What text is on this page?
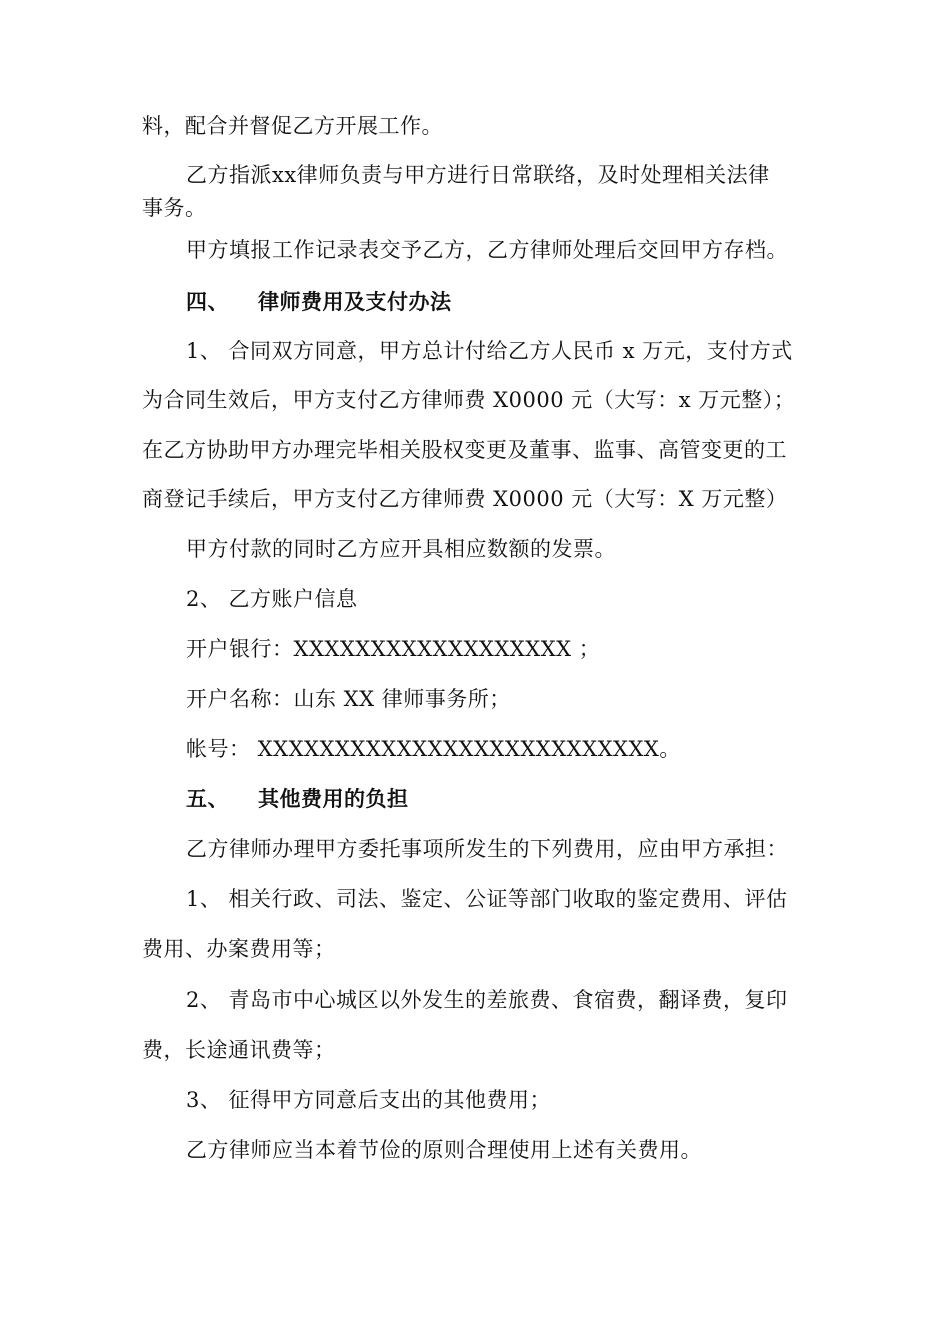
料，配合并督促乙方开展工作。
乙方指派xx律师负责与甲方进行日常联络，及时处理相关法律
事务。
甲方填报工作记录表交予乙方，乙方律师处理后交回甲方存档。
四、 律师费用及支付办法
1、 合同双方同意，甲方总计付给乙方人民币 x 万元，支付方式
为合同生效后，甲方支付乙方律师费 X0000 元（大写：x 万元整）；
在乙方协助甲方办理完毕相关股权变更及董事、监事、高管变更的工
商登记手续后，甲方支付乙方律师费 X0000 元（大写：X 万元整）
甲方付款的同时乙方应开具相应数额的发票。
2、 乙方账户信息
开户银行：XXXXXXXXXXXXXXXXXX ；
开户名称：山东 XX 律师事务所；
帐号： XXXXXXXXXXXXXXXXXXXXXXXXXX。
五、 其他费用的负担
乙方律师办理甲方委托事项所发生的下列费用，应由甲方承担：
1、 相关行政、司法、鉴定、公证等部门收取的鉴定费用、评估
费用、办案费用等；
2、 青岛市中心城区以外发生的差旅费、食宿费，翻译费，复印
费，长途通讯费等；
3、 征得甲方同意后支出的其他费用；
乙方律师应当本着节俭的原则合理使用上述有关费用。
